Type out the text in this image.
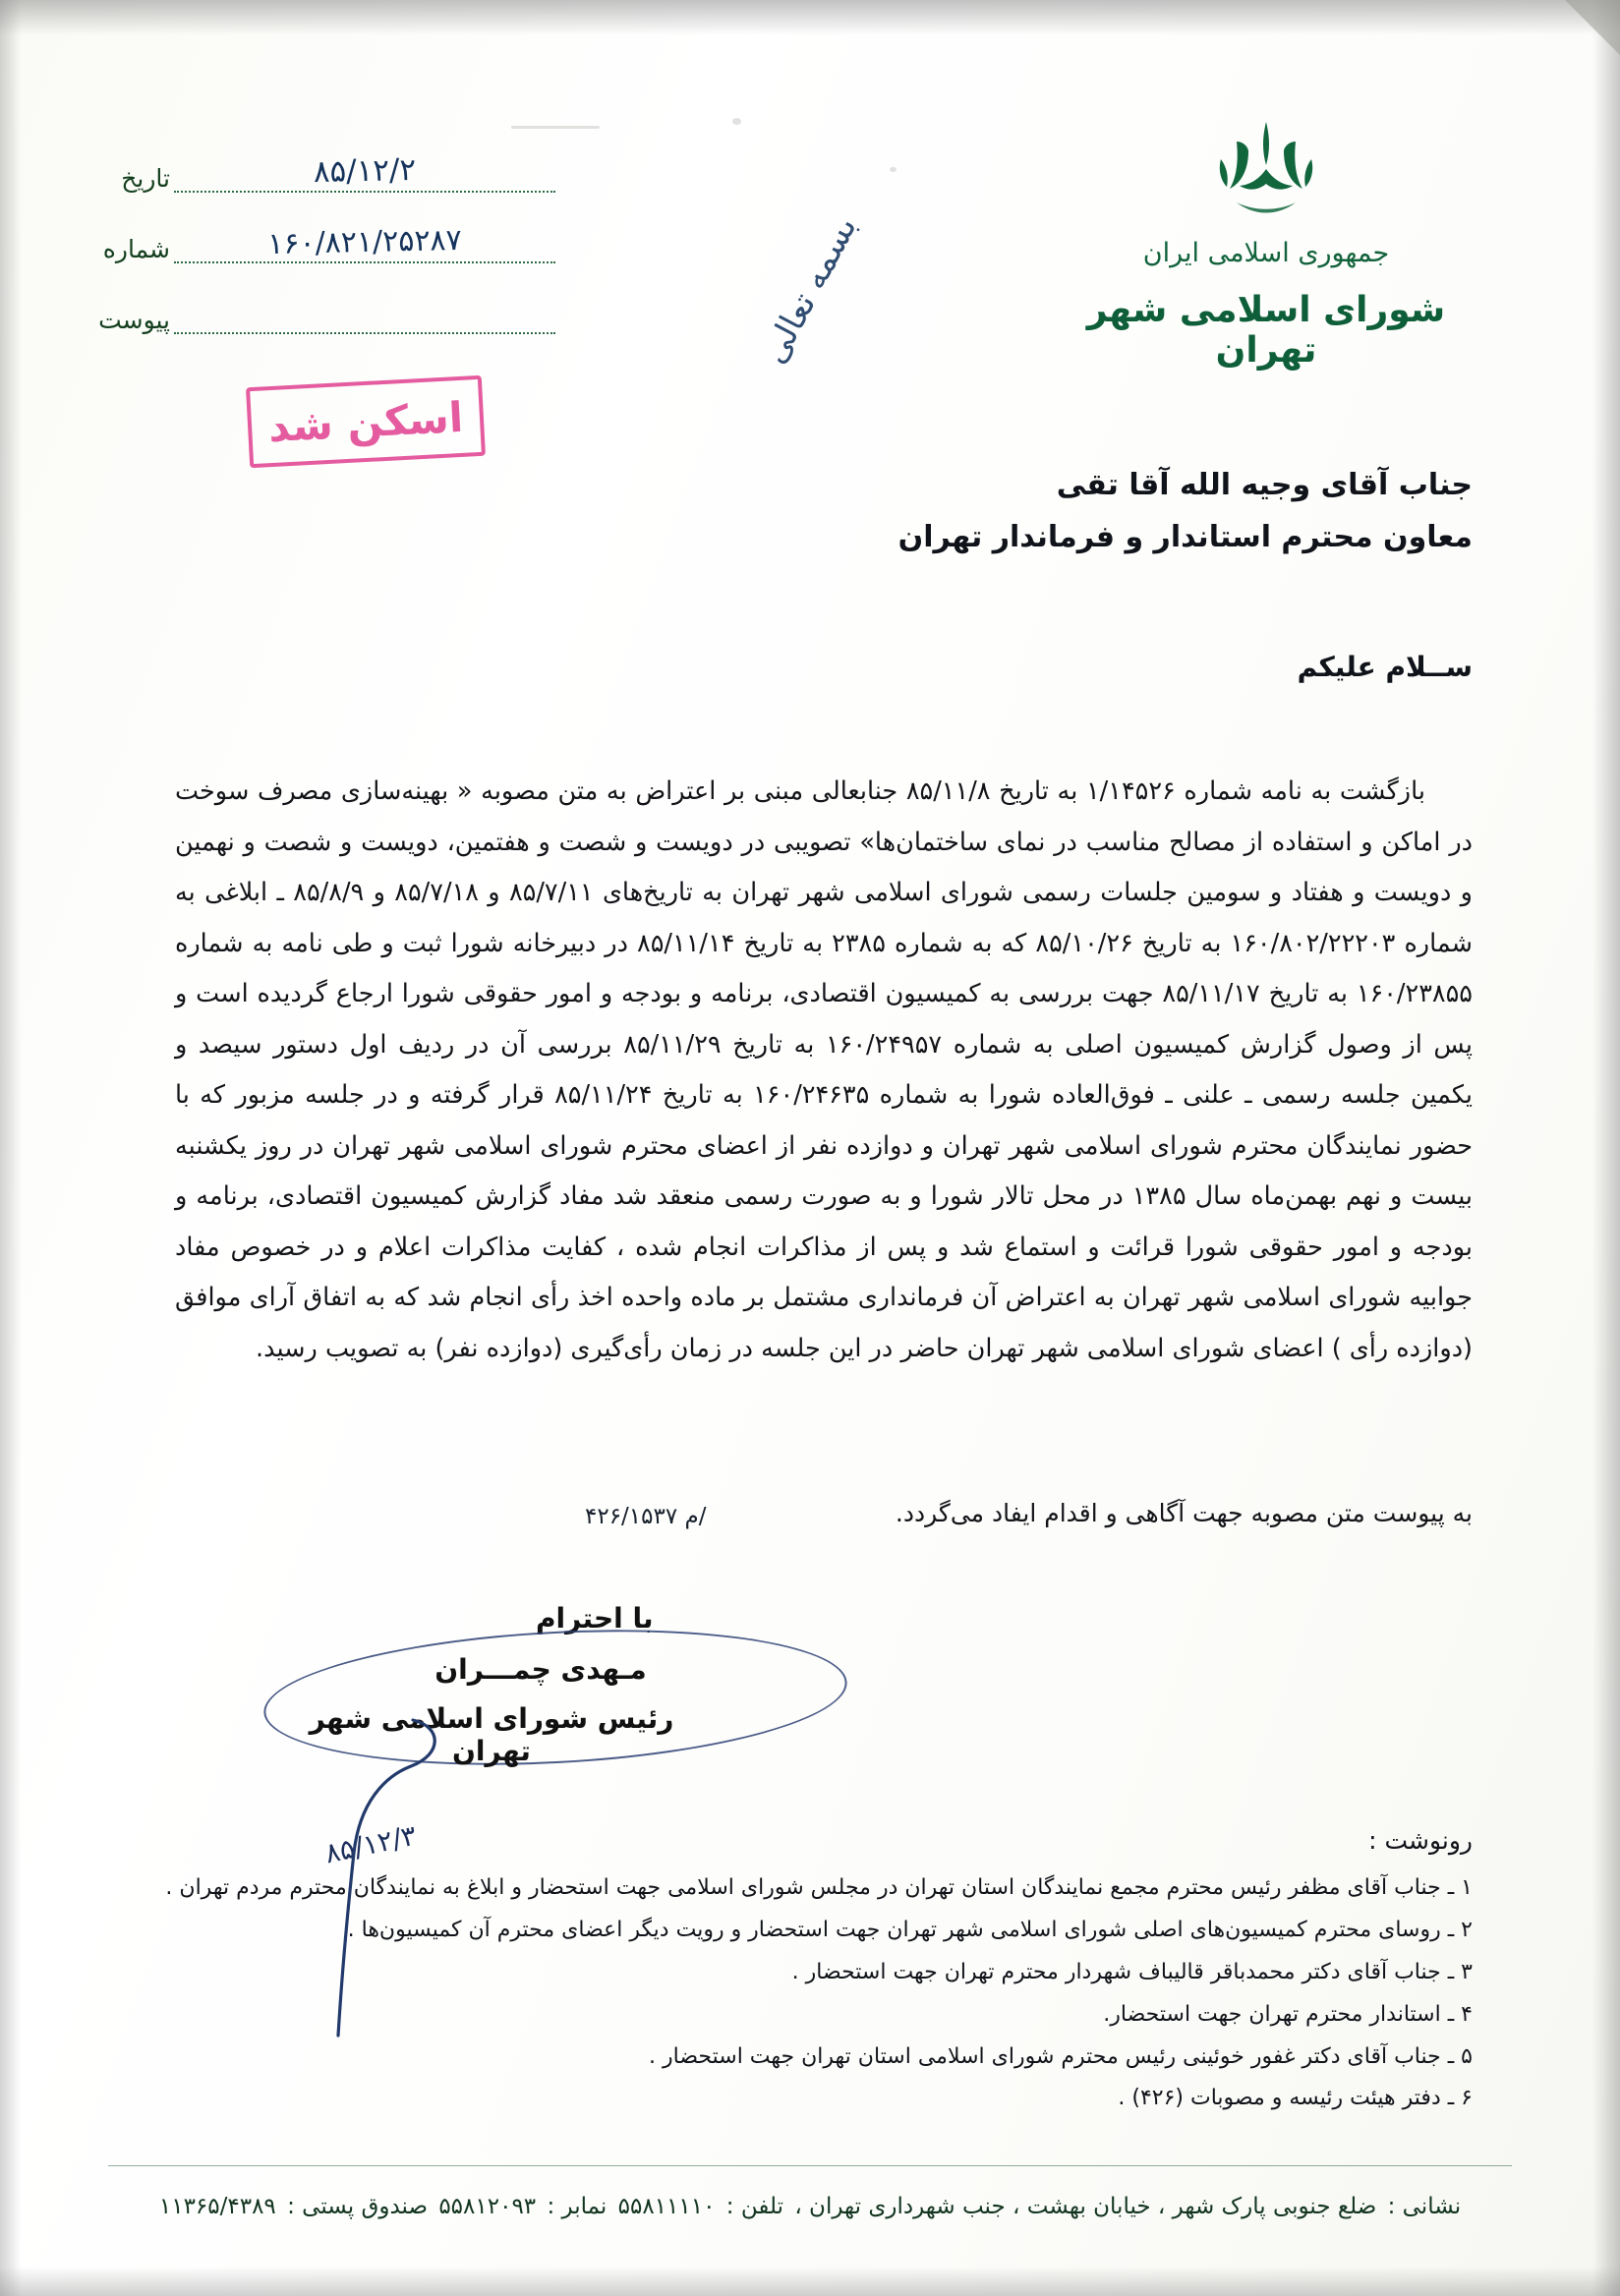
جمهوری اسلامی ایران
شورای اسلامی شهر تهران
بسمه تعالی
۸۵/۱۲/۲
تاریخ
۱۶۰/۸۲۱/۲۵۲۸۷
شماره
پیوست
اسکن شد
جناب آقای وجیه الله آقا تقی
معاون محترم استاندار و فرماندار تهران
ســلام علیکم

بازگشت به نامه شماره ۱/۱۴۵۲۶ به تاریخ ۸۵/۱۱/۸ جنابعالی مبنی بر اعتراض به متن مصوبه « بهینه‌سازی مصرف سوخت در اماکن و استفاده از مصالح مناسب در نمای ساختمان‌ها» تصویبی در دویست و شصت و هفتمین، دویست و شصت و نهمین و دویست و هفتاد و سومین جلسات رسمی شورای اسلامی شهر تهران به تاریخ‌های ۸۵/۷/۱۱ و ۸۵/۷/۱۸ و ۸۵/۸/۹ ـ ابلاغی به شماره ۱۶۰/۸۰۲/۲۲۲۰۳ به تاریخ ۸۵/۱۰/۲۶ که به شماره ۲۳۸۵ به تاریخ ۸۵/۱۱/۱۴ در دبیرخانه شورا ثبت و طی نامه به شماره ۱۶۰/۲۳۸۵۵ به تاریخ ۸۵/۱۱/۱۷ جهت بررسی به کمیسیون اقتصادی، برنامه و بودجه و امور حقوقی شورا ارجاع گردیده است و پس از وصول گزارش کمیسیون اصلی به شماره ۱۶۰/۲۴۹۵۷ به تاریخ ۸۵/۱۱/۲۹ بررسی آن در ردیف اول دستور سیصد و یکمین جلسه رسمی ـ علنی ـ فوق‌العاده شورا به شماره ۱۶۰/۲۴۶۳۵ به تاریخ ۸۵/۱۱/۲۴ قرار گرفته و در جلسه مزبور که با حضور نمایندگان محترم شورای اسلامی شهر تهران و دوازده نفر از اعضای محترم شورای اسلامی شهر تهران در روز یکشنبه بیست و نهم بهمن‌ماه سال ۱۳۸۵ در محل تالار شورا و به صورت رسمی منعقد شد مفاد گزارش کمیسیون اقتصادی، برنامه و بودجه و امور حقوقی شورا قرائت و استماع شد و پس از مذاکرات انجام شده ، کفایت مذاکرات اعلام و در خصوص مفاد جوابیه شورای اسلامی شهر تهران به اعتراض آن فرمانداری مشتمل بر ماده واحده اخذ رأی انجام شد که به اتفاق آرای موافق (دوازده رأی ) اعضای شورای اسلامی شهر تهران حاضر در این جلسه در زمان رأی‌گیری (دوازده نفر) به تصویب رسید.

به پیوست متن مصوبه جهت آگاهی و اقدام ایفاد می‌گردد.
/م ۴۲۶/۱۵۳۷
با احترام
مـهدی چمـــران
رئیس شورای اسلامی شهر تهران
۸۵/۱۲/۳	رونوشت :
۱ ـ جناب آقای مظفر رئیس محترم مجمع نمایندگان استان تهران در مجلس شورای اسلامی جهت استحضار و ابلاغ به نمایندگان محترم مردم تهران .
۲ ـ روسای محترم کمیسیون‌های اصلی شورای اسلامی شهر تهران جهت استحضار و رویت دیگر اعضای محترم آن کمیسیون‌ها .
۳ ـ جناب آقای دکتر محمدباقر قالیباف شهردار محترم تهران جهت استحضار .
۴ ـ استاندار محترم تهران جهت استحضار.
۵ ـ جناب آقای دکتر غفور خوئینی رئیس محترم شورای اسلامی استان تهران جهت استحضار .
۶ ـ دفتر هیئت رئیسه و مصوبات (۴۲۶) .
نشانی : ضلع جنوبی پارک شهر ، خیابان بهشت ، جنب شهرداری تهران ، تلفن : ۵۵۸۱۱۱۱۰ نمابر : ۵۵۸۱۲۰۹۳ صندوق پستی : ۱۱۳۶۵/۴۳۸۹
